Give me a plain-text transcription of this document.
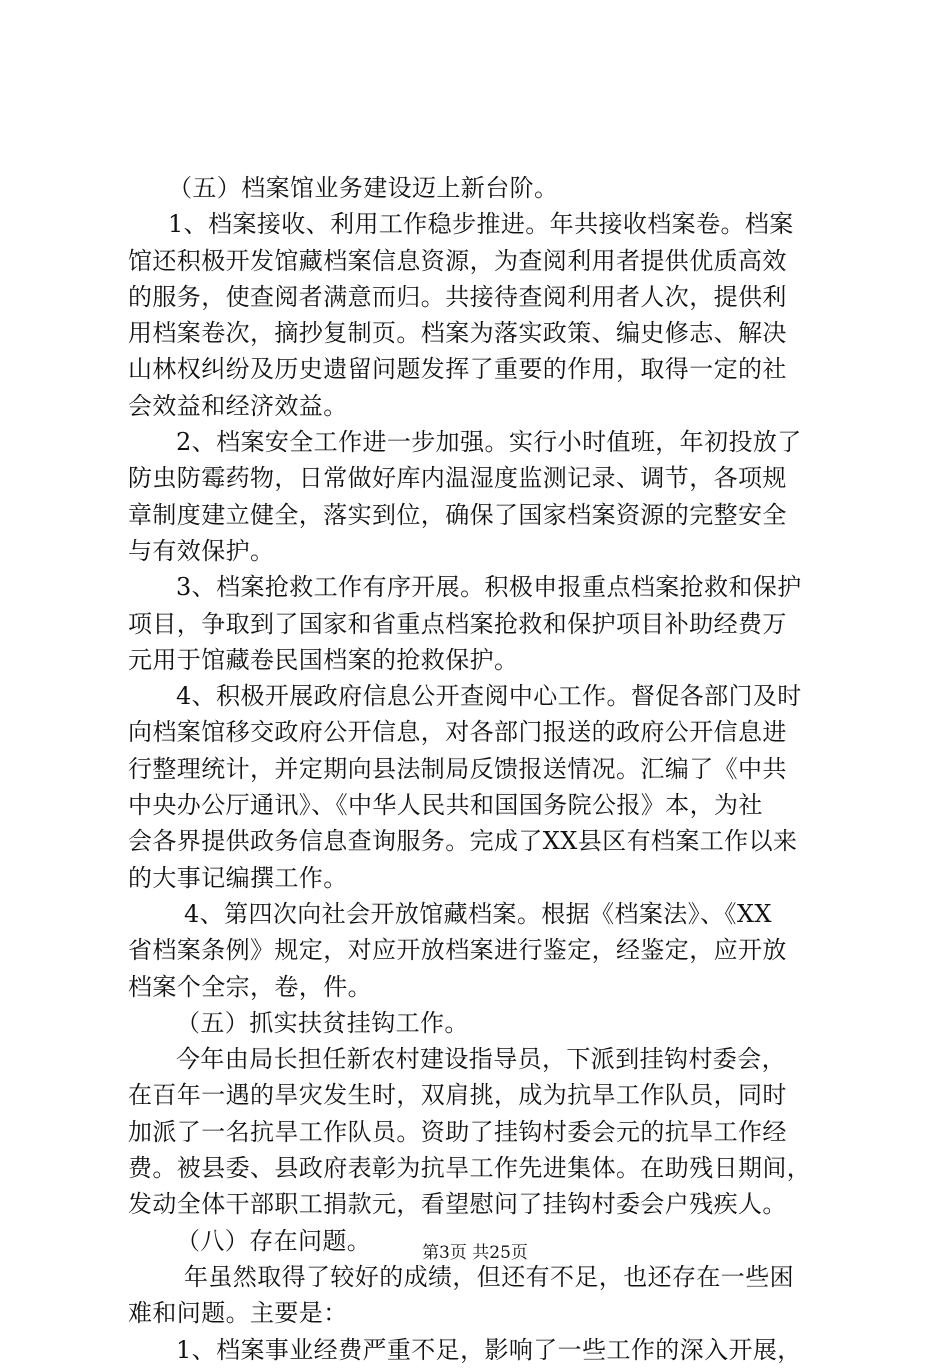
（五）档案馆业务建设迈上新台阶。
1、档案接收、利用工作稳步推进。年共接收档案卷。档案
馆还积极开发馆藏档案信息资源，为查阅利用者提供优质高效
的服务，使查阅者满意而归。共接待查阅利用者人次，提供利
用档案卷次，摘抄复制页。档案为落实政策、编史修志、解决
山林权纠纷及历史遗留问题发挥了重要的作用，取得一定的社
会效益和经济效益。
2、档案安全工作进一步加强。实行小时值班，年初投放了
防虫防霉药物，日常做好库内温湿度监测记录、调节，各项规
章制度建立健全，落实到位，确保了国家档案资源的完整安全
与有效保护。
3、档案抢救工作有序开展。积极申报重点档案抢救和保护
项目，争取到了国家和省重点档案抢救和保护项目补助经费万
元用于馆藏卷民国档案的抢救保护。
4、积极开展政府信息公开查阅中心工作。督促各部门及时
向档案馆移交政府公开信息，对各部门报送的政府公开信息进
行整理统计，并定期向县法制局反馈报送情况。汇编了《中共
中央办公厅通讯》、《中华人民共和国国务院公报》本，为社
会各界提供政务信息查询服务。完成了XX县区有档案工作以来
的大事记编撰工作。
4、第四次向社会开放馆藏档案。根据《档案法》、《XX
省档案条例》规定，对应开放档案进行鉴定，经鉴定，应开放
档案个全宗，卷，件。
（五）抓实扶贫挂钩工作。
今年由局长担任新农村建设指导员，下派到挂钩村委会，
在百年一遇的旱灾发生时，双肩挑，成为抗旱工作队员，同时
加派了一名抗旱工作队员。资助了挂钩村委会元的抗旱工作经
费。被县委、县政府表彰为抗旱工作先进集体。在助残日期间，
发动全体干部职工捐款元，看望慰问了挂钩村委会户残疾人。
（八）存在问题。
年虽然取得了较好的成绩，但还有不足，也还存在一些困
难和问题。主要是：
1、档案事业经费严重不足，影响了一些工作的深入开展，
第3页 共25页
